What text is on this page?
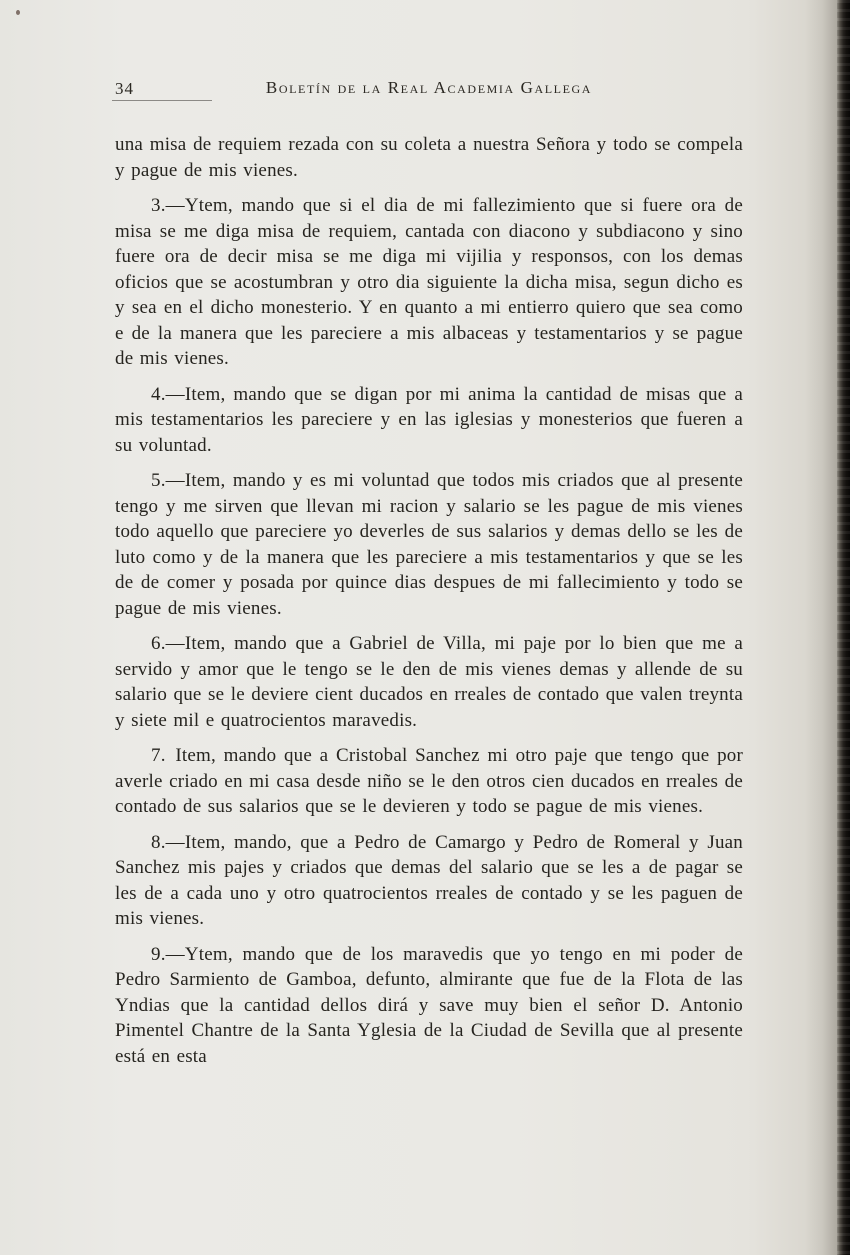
34	Boletín de la Real Academia Gallega

una misa de requiem rezada con su coleta a nuestra Señora y todo se compela y pague de mis vienes.

3.—Ytem, mando que si el dia de mi fallezimiento que si fuere ora de misa se me diga misa de requiem, cantada con diacono y subdiacono y sino fuere ora de decir misa se me diga mi vijilia y responsos, con los demas oficios que se acostumbran y otro dia siguiente la dicha misa, segun dicho es y sea en el dicho monesterio. Y en quanto a mi entierro quiero que sea como e de la manera que les pareciere a mis albaceas y testamentarios y se pague de mis vienes.

4.—Item, mando que se digan por mi anima la cantidad de misas que a mis testamentarios les pareciere y en las iglesias y monesterios que fueren a su voluntad.

5.—Item, mando y es mi voluntad que todos mis criados que al presente tengo y me sirven que llevan mi racion y salario se les pague de mis vienes todo aquello que pareciere yo deverles de sus salarios y demas dello se les de luto como y de la manera que les pareciere a mis testamentarios y que se les de de comer y posada por quince dias despues de mi fallecimiento y todo se pague de mis vienes.

6.—Item, mando que a Gabriel de Villa, mi paje por lo bien que me a servido y amor que le tengo se le den de mis vienes demas y allende de su salario que se le deviere cient ducados en rreales de contado que valen treynta y siete mil e quatrocientos maravedis.

7. Item, mando que a Cristobal Sanchez mi otro paje que tengo que por averle criado en mi casa desde niño se le den otros cien ducados en rreales de contado de sus salarios que se le devieren y todo se pague de mis vienes.

8.—Item, mando, que a Pedro de Camargo y Pedro de Romeral y Juan Sanchez mis pajes y criados que demas del salario que se les a de pagar se les de a cada uno y otro quatrocientos rreales de contado y se les paguen de mis vienes.

9.—Ytem, mando que de los maravedis que yo tengo en mi poder de Pedro Sarmiento de Gamboa, defunto, almirante que fue de la Flota de las Yndias que la cantidad dellos dirá y save muy bien el señor D. Antonio Pimentel Chantre de la Santa Yglesia de la Ciudad de Sevilla que al presente está en esta
